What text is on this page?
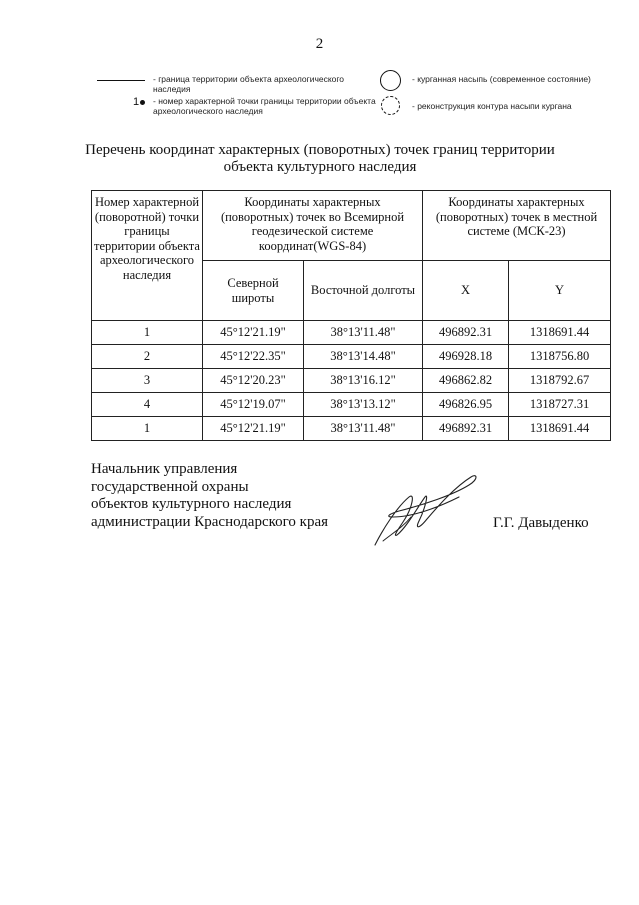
2
- граница территории объекта археологического наследия
1	- номер характерной точки границы территории объекта археологического наследия
- курганная насыпь (современное состояние)
- реконструкция контура насыпи кургана
Перечень координат характерных (поворотных) точек границ территории объекта культурного наследия
Номер характерной (поворотной) точки границы территории объекта археологического наследия	Координаты характерных (поворотных) точек во Всемирной геодезической системе координат(WGS-84)		Координаты характерных (поворотных) точек в местной системе (МСК-23)	
	Северной широты	Восточной долготы	X	Y
1	45°12'21.19"	38°13'11.48"	496892.31	1318691.44
2	45°12'22.35"	38°13'14.48"	496928.18	1318756.80
3	45°12'20.23"	38°13'16.12"	496862.82	1318792.67
4	45°12'19.07"	38°13'13.12"	496826.95	1318727.31
1	45°12'21.19"	38°13'11.48"	496892.31	1318691.44
Начальник управления
государственной охраны
объектов культурного наследия
администрации Краснодарского края	Г.Г. Давыденко
